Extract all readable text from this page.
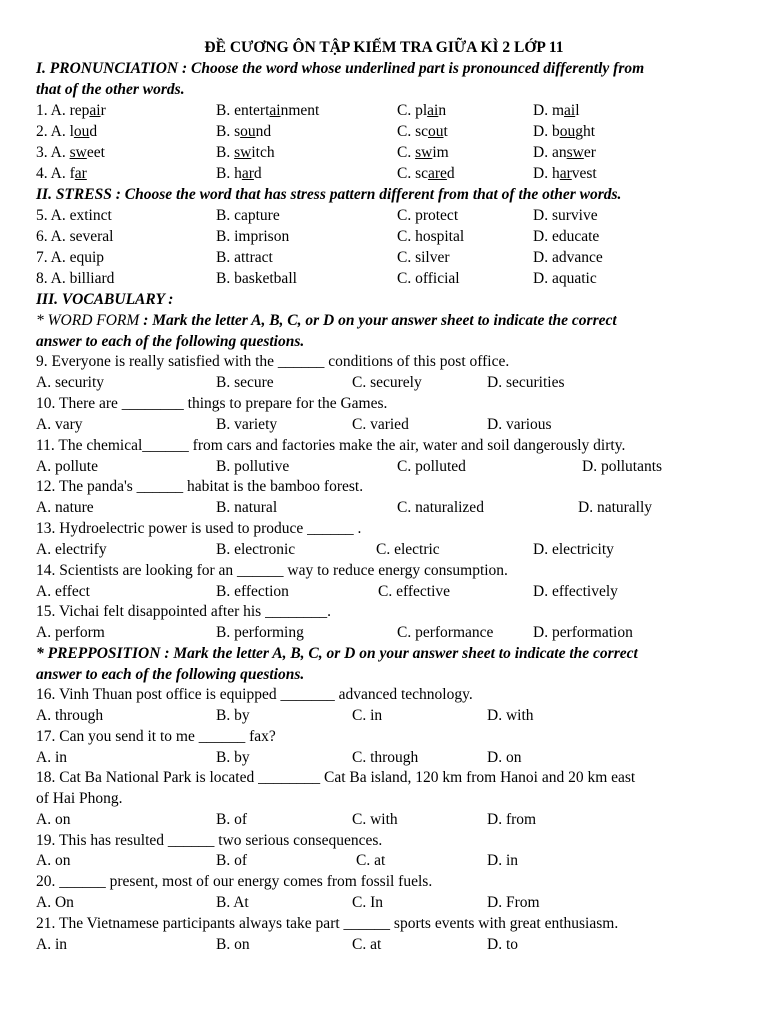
ĐỀ CƯƠNG ÔN TẬP KIẾM TRA GIỮA KÌ 2 LỚP 11
I. PRONUNCIATION : Choose the word whose underlined part is pronounced differently from
that of the other words.
1. A. repair	B. entertainment	C. plain	D. mail
2. A. loud	B. sound	C. scout	D. bought
3. A. sweet	B. switch	C. swim	D. answer
4. A. far	B. hard	C. scared	D. harvest
II. STRESS : Choose the word that has stress pattern different from that of the other words.
5. A. extinct	B. capture	C. protect	D. survive
6. A. several	B. imprison	C. hospital	D. educate
7. A. equip	B. attract	C. silver	D. advance
8. A. billiard	B. basketball	C. official	D. aquatic
III. VOCABULARY :
* WORD FORM : Mark the letter A, B, C, or D on your answer sheet to indicate the correct
answer to each of the following questions.
9. Everyone is really satisfied with the ______ conditions of this post office.
A. security	B. secure	C. securely	D. securities
10. There are ________ things to prepare for the Games.
A. vary	B. variety	C. varied	D. various
11. The chemical______ from cars and factories make the air, water and soil dangerously dirty.
A. pollute	B. pollutive	C. polluted	D. pollutants
12. The panda's ______ habitat is the bamboo forest.
A. nature	B. natural	C. naturalized	D. naturally
13. Hydroelectric power is used to produce ______ .
A. electrify	B. electronic	C. electric	D. electricity
14. Scientists are looking for an ______ way to reduce energy consumption.
A. effect	B. effection	C. effective	D. effectively
15. Vichai felt disappointed after his ________.
A. perform	B. performing	C. performance	D. performation
* PREPPOSITION : Mark the letter A, B, C, or D on your answer sheet to indicate the correct
answer to each of the following questions.
16. Vinh Thuan post office is equipped _______ advanced technology.
A. through	B. by	C. in	D. with
17. Can you send it to me ______ fax?
A. in	B. by	C. through	D. on
18. Cat Ba National Park is located ________ Cat Ba island, 120 km from Hanoi and 20 km east
of Hai Phong.
A. on	B. of	C. with	D. from
19. This has resulted ______ two serious consequences.
A. on	B. of	C. at	D. in
20. ______ present, most of our energy comes from fossil fuels.
A. On	B. At	C. In	D. From
21. The Vietnamese participants always take part ______ sports events with great enthusiasm.
A. in	B. on	C. at	D. to
